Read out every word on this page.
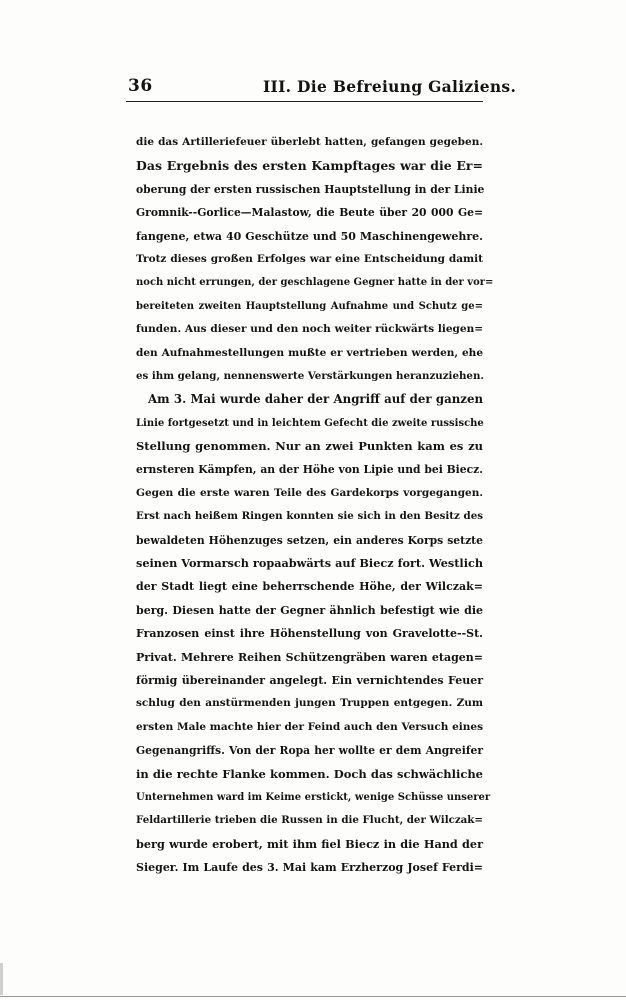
36	III. Die Befreiung Galiziens.
die das Artilleriefeuer überlebt hatten, gefangen gegeben.
Das Ergebnis des ersten Kampftages war die Er=
oberung der ersten russischen Hauptstellung in der Linie
Gromnik--Gorlice—Malastow, die Beute über 20 000 Ge=
fangene, etwa 40 Geschütze und 50 Maschinengewehre.
Trotz dieses großen Erfolges war eine Entscheidung damit
noch nicht errungen, der geschlagene Gegner hatte in der vor=
bereiteten zweiten Hauptstellung Aufnahme und Schutz ge=
funden. Aus dieser und den noch weiter rückwärts liegen=
den Aufnahmestellungen mußte er vertrieben werden, ehe
es ihm gelang, nennenswerte Verstärkungen heranzuziehen.
Am 3. Mai wurde daher der Angriff auf der ganzen
Linie fortgesetzt und in leichtem Gefecht die zweite russische
Stellung genommen. Nur an zwei Punkten kam es zu
ernsteren Kämpfen, an der Höhe von Lipie und bei Biecz.
Gegen die erste waren Teile des Gardekorps vorgegangen.
Erst nach heißem Ringen konnten sie sich in den Besitz des
bewaldeten Höhenzuges setzen, ein anderes Korps setzte
seinen Vormarsch ropaabwärts auf Biecz fort. Westlich
der Stadt liegt eine beherrschende Höhe, der Wilczak=
berg. Diesen hatte der Gegner ähnlich befestigt wie die
Franzosen einst ihre Höhenstellung von Gravelotte--St.
Privat. Mehrere Reihen Schützengräben waren etagen=
förmig übereinander angelegt. Ein vernichtendes Feuer
schlug den anstürmenden jungen Truppen entgegen. Zum
ersten Male machte hier der Feind auch den Versuch eines
Gegenangriffs. Von der Ropa her wollte er dem Angreifer
in die rechte Flanke kommen. Doch das schwächliche
Unternehmen ward im Keime erstickt, wenige Schüsse unserer
Feldartillerie trieben die Russen in die Flucht, der Wilczak=
berg wurde erobert, mit ihm fiel Biecz in die Hand der
Sieger. Im Laufe des 3. Mai kam Erzherzog Josef Ferdi=
